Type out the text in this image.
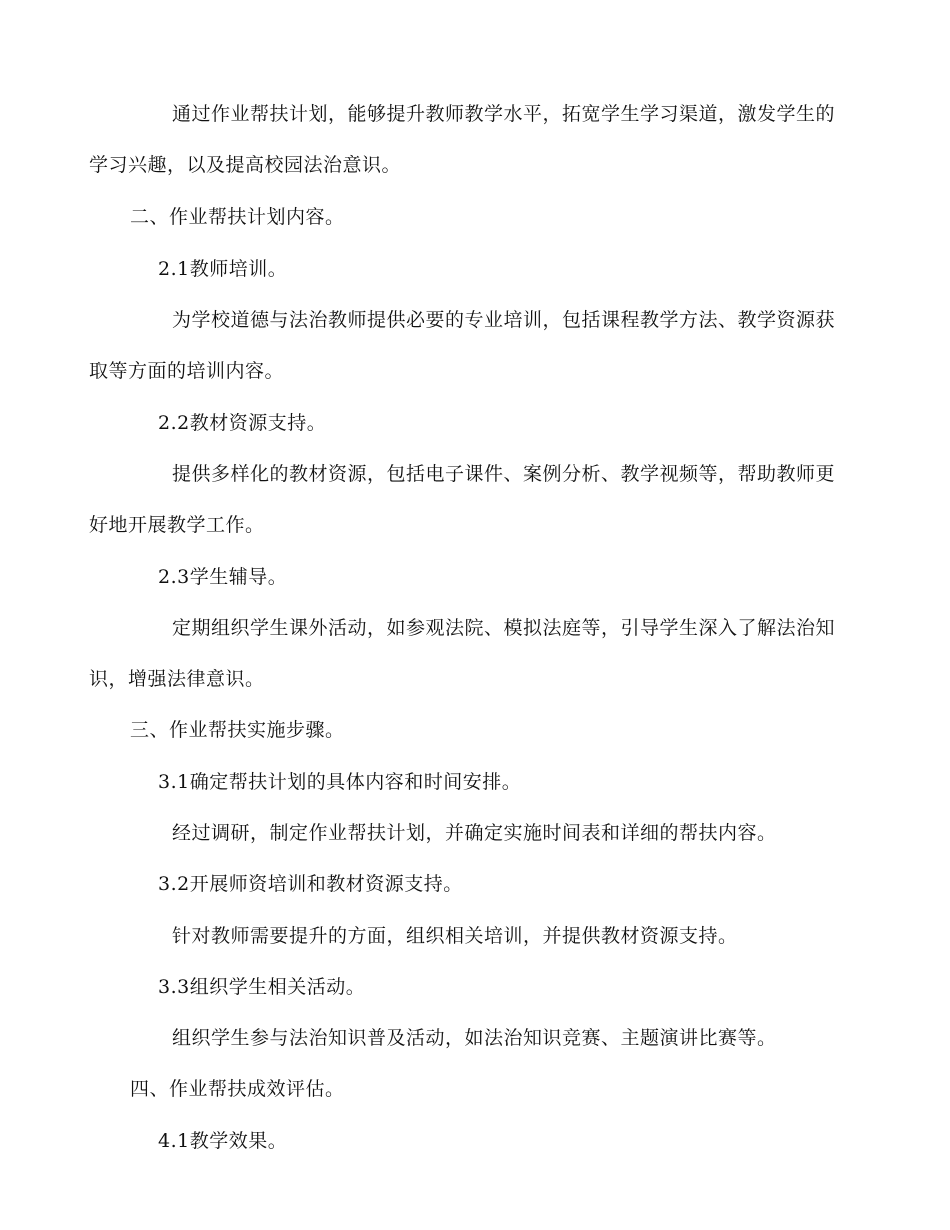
通过作业帮扶计划，能够提升教师教学水平，拓宽学生学习渠道，激发学生的
学习兴趣，以及提高校园法治意识。
二、作业帮扶计划内容。
2.1教师培训。
为学校道德与法治教师提供必要的专业培训，包括课程教学方法、教学资源获
取等方面的培训内容。
2.2教材资源支持。
提供多样化的教材资源，包括电子课件、案例分析、教学视频等，帮助教师更
好地开展教学工作。
2.3学生辅导。
定期组织学生课外活动，如参观法院、模拟法庭等，引导学生深入了解法治知
识，增强法律意识。
三、作业帮扶实施步骤。
3.1确定帮扶计划的具体内容和时间安排。
经过调研，制定作业帮扶计划，并确定实施时间表和详细的帮扶内容。
3.2开展师资培训和教材资源支持。
针对教师需要提升的方面，组织相关培训，并提供教材资源支持。
3.3组织学生相关活动。
组织学生参与法治知识普及活动，如法治知识竞赛、主题演讲比赛等。
四、作业帮扶成效评估。
4.1教学效果。
